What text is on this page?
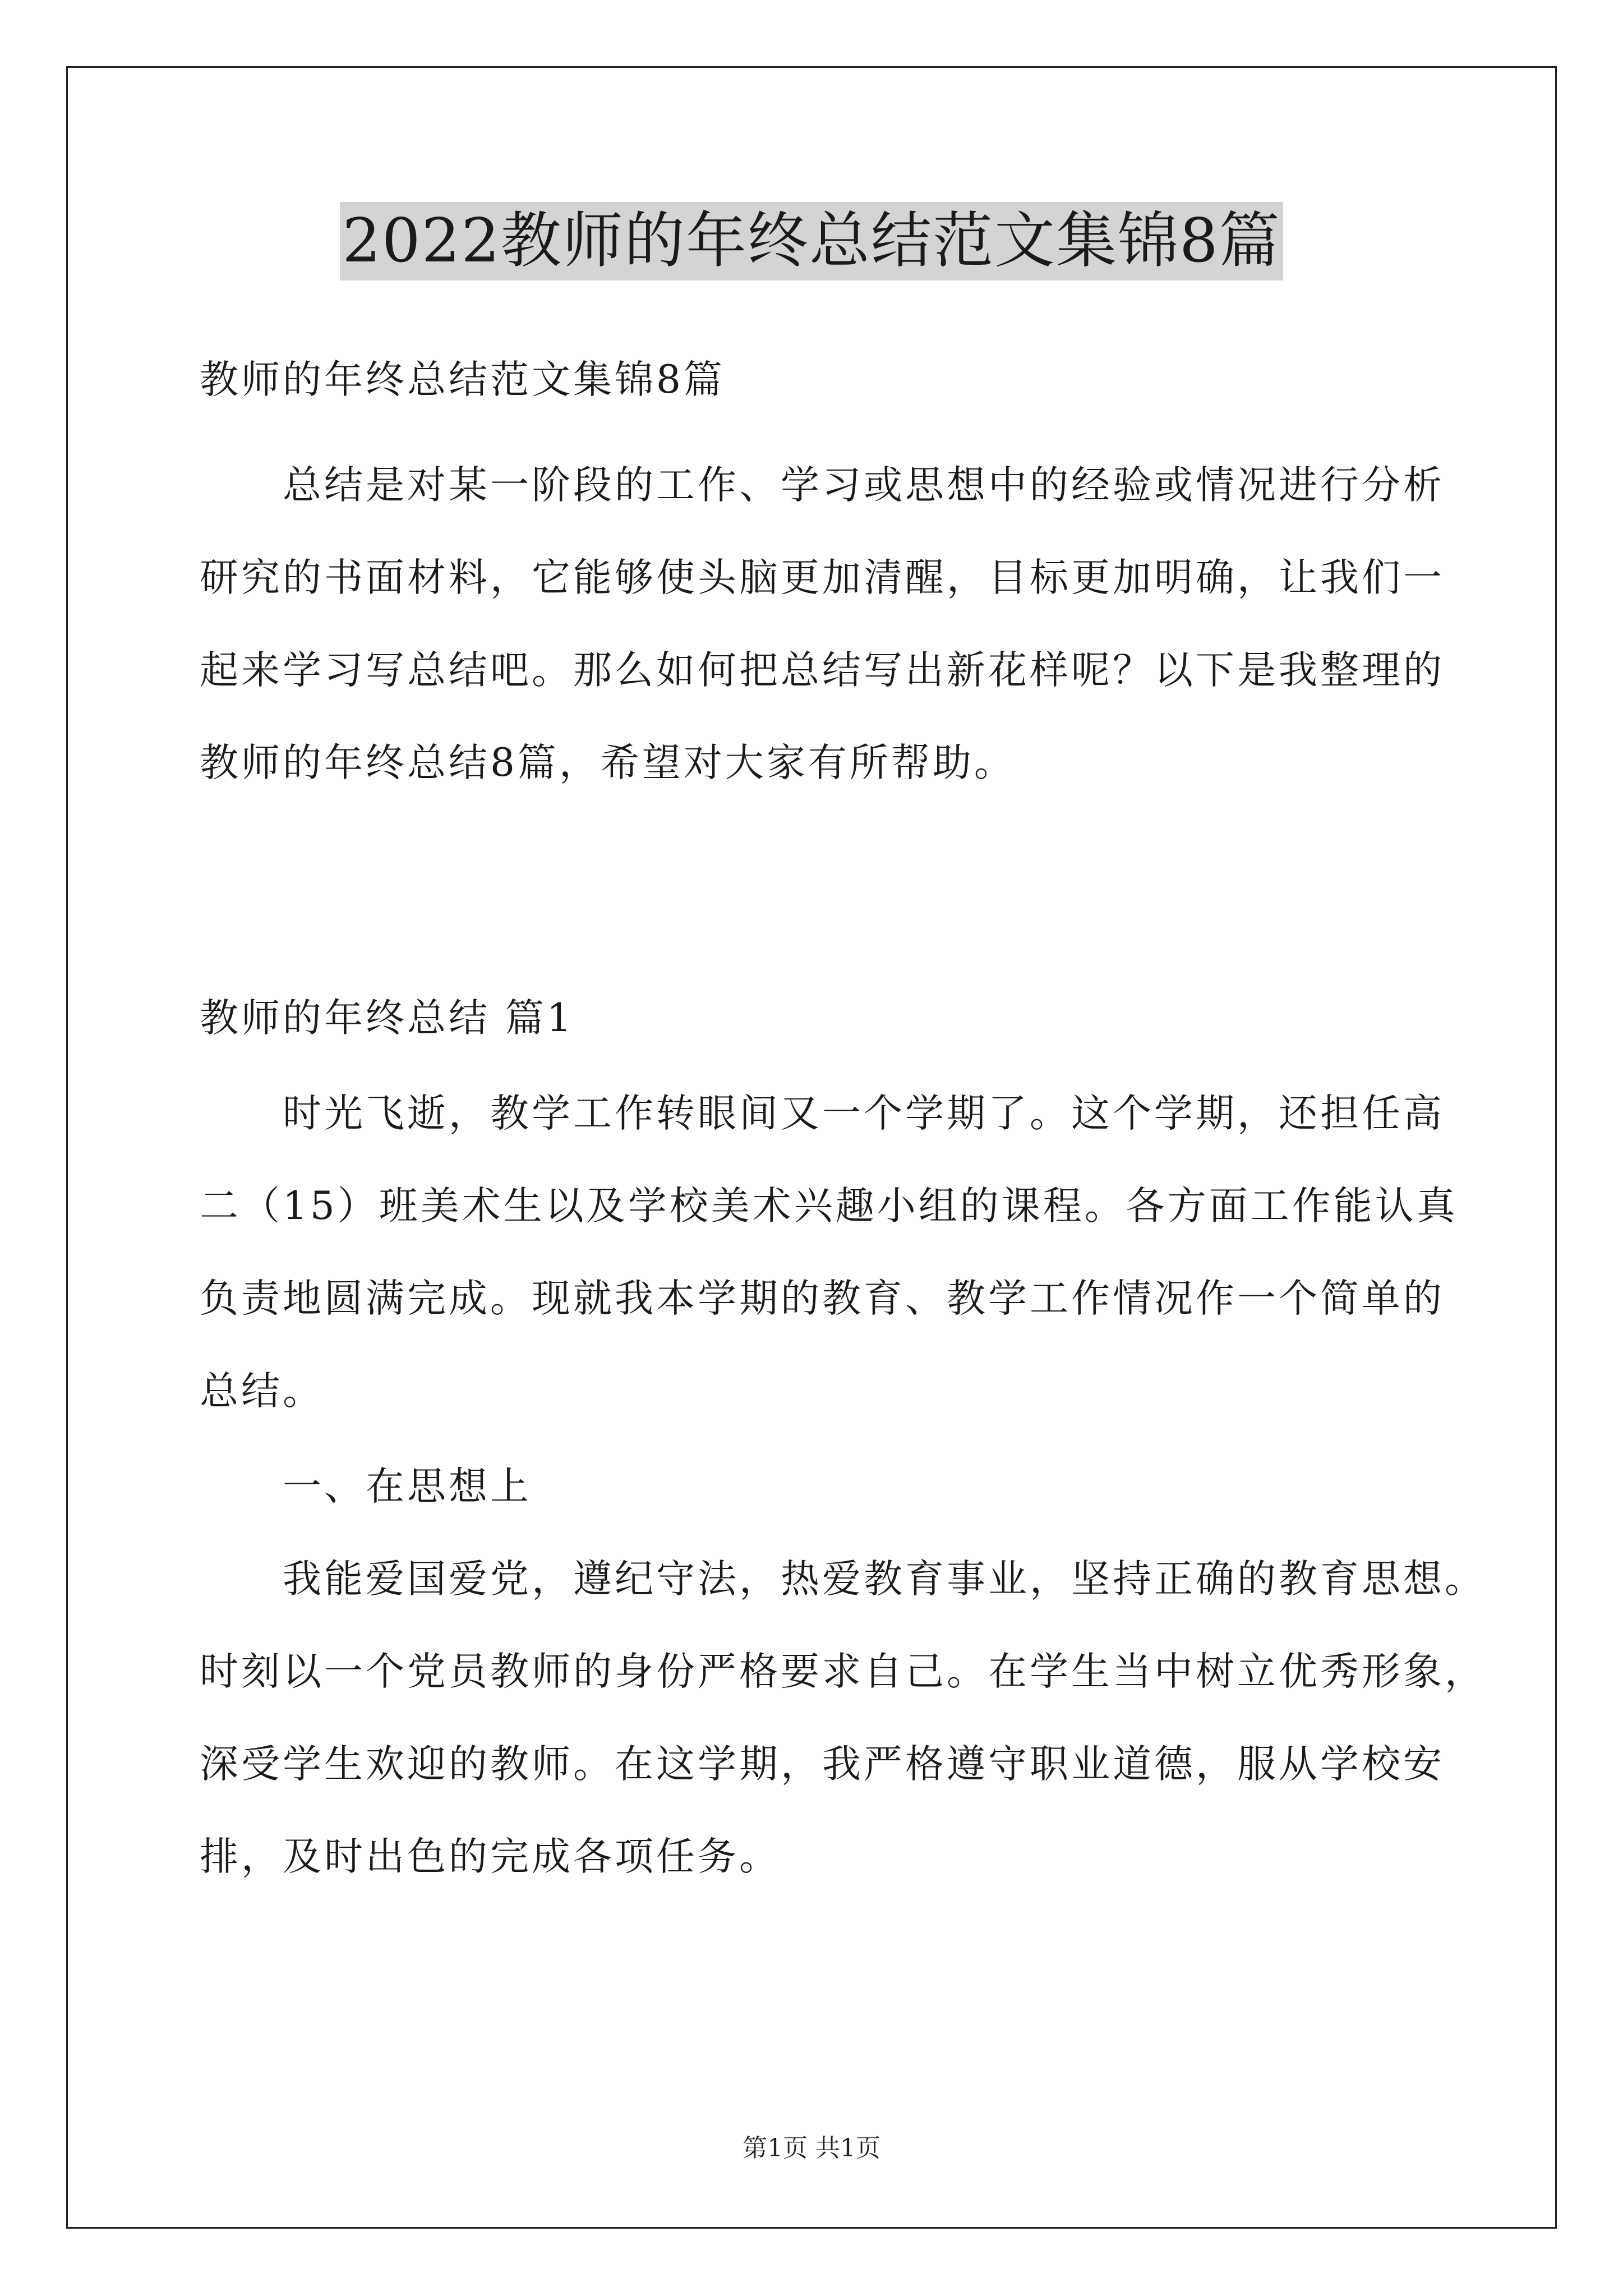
2022教师的年终总结范文集锦8篇
教师的年终总结范文集锦8篇
总结是对某一阶段的工作、学习或思想中的经验或情况进行分析
研究的书面材料，它能够使头脑更加清醒，目标更加明确，让我们一
起来学习写总结吧。那么如何把总结写出新花样呢？以下是我整理的
教师的年终总结8篇，希望对大家有所帮助。
教师的年终总结 篇1
时光飞逝，教学工作转眼间又一个学期了。这个学期，还担任高
二（15）班美术生以及学校美术兴趣小组的课程。各方面工作能认真
负责地圆满完成。现就我本学期的教育、教学工作情况作一个简单的
总结。
一、在思想上
我能爱国爱党，遵纪守法，热爱教育事业，坚持正确的教育思想。
时刻以一个党员教师的身份严格要求自己。在学生当中树立优秀形象，
深受学生欢迎的教师。在这学期，我严格遵守职业道德，服从学校安
排，及时出色的完成各项任务。
第1页 共1页
